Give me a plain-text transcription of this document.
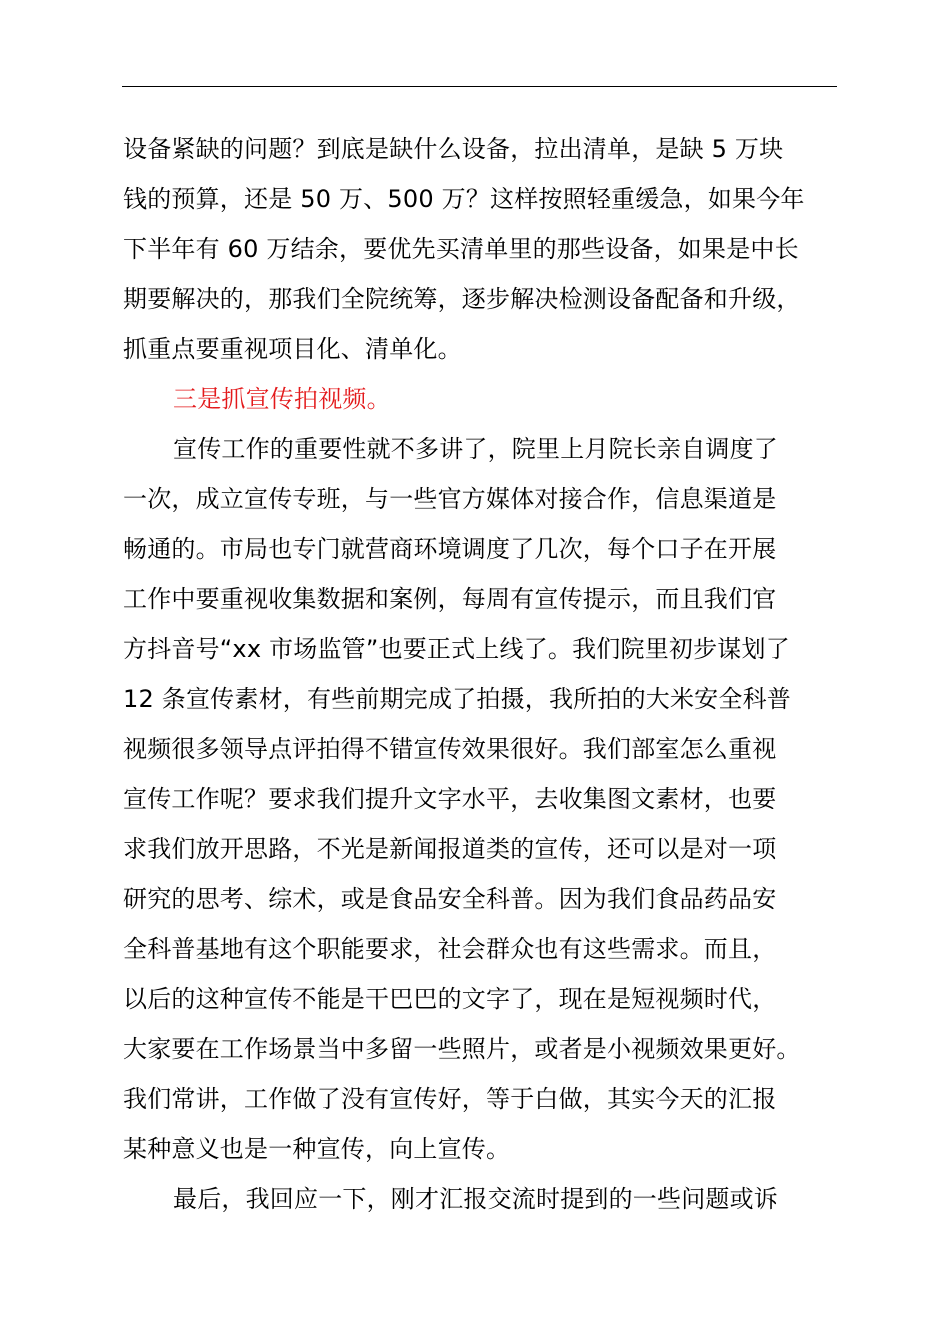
设备紧缺的问题？到底是缺什么设备，拉出清单，是缺 5 万块
钱的预算，还是 50 万、500 万？这样按照轻重缓急，如果今年
下半年有 60 万结余，要优先买清单里的那些设备，如果是中长
期要解决的，那我们全院统筹，逐步解决检测设备配备和升级，
抓重点要重视项目化、清单化。
三是抓宣传拍视频。
宣传工作的重要性就不多讲了，院里上月院长亲自调度了
一次，成立宣传专班，与一些官方媒体对接合作，信息渠道是
畅通的。市局也专门就营商环境调度了几次，每个口子在开展
工作中要重视收集数据和案例，每周有宣传提示，而且我们官
方抖音号“xx 市场监管”也要正式上线了。我们院里初步谋划了
12 条宣传素材，有些前期完成了拍摄，我所拍的大米安全科普
视频很多领导点评拍得不错宣传效果很好。我们部室怎么重视
宣传工作呢？要求我们提升文字水平，去收集图文素材，也要
求我们放开思路，不光是新闻报道类的宣传，还可以是对一项
研究的思考、综术，或是食品安全科普。因为我们食品药品安
全科普基地有这个职能要求，社会群众也有这些需求。而且，
以后的这种宣传不能是干巴巴的文字了，现在是短视频时代，
大家要在工作场景当中多留一些照片，或者是小视频效果更好。
我们常讲，工作做了没有宣传好，等于白做，其实今天的汇报
某种意义也是一种宣传，向上宣传。
最后，我回应一下，刚才汇报交流时提到的一些问题或诉
